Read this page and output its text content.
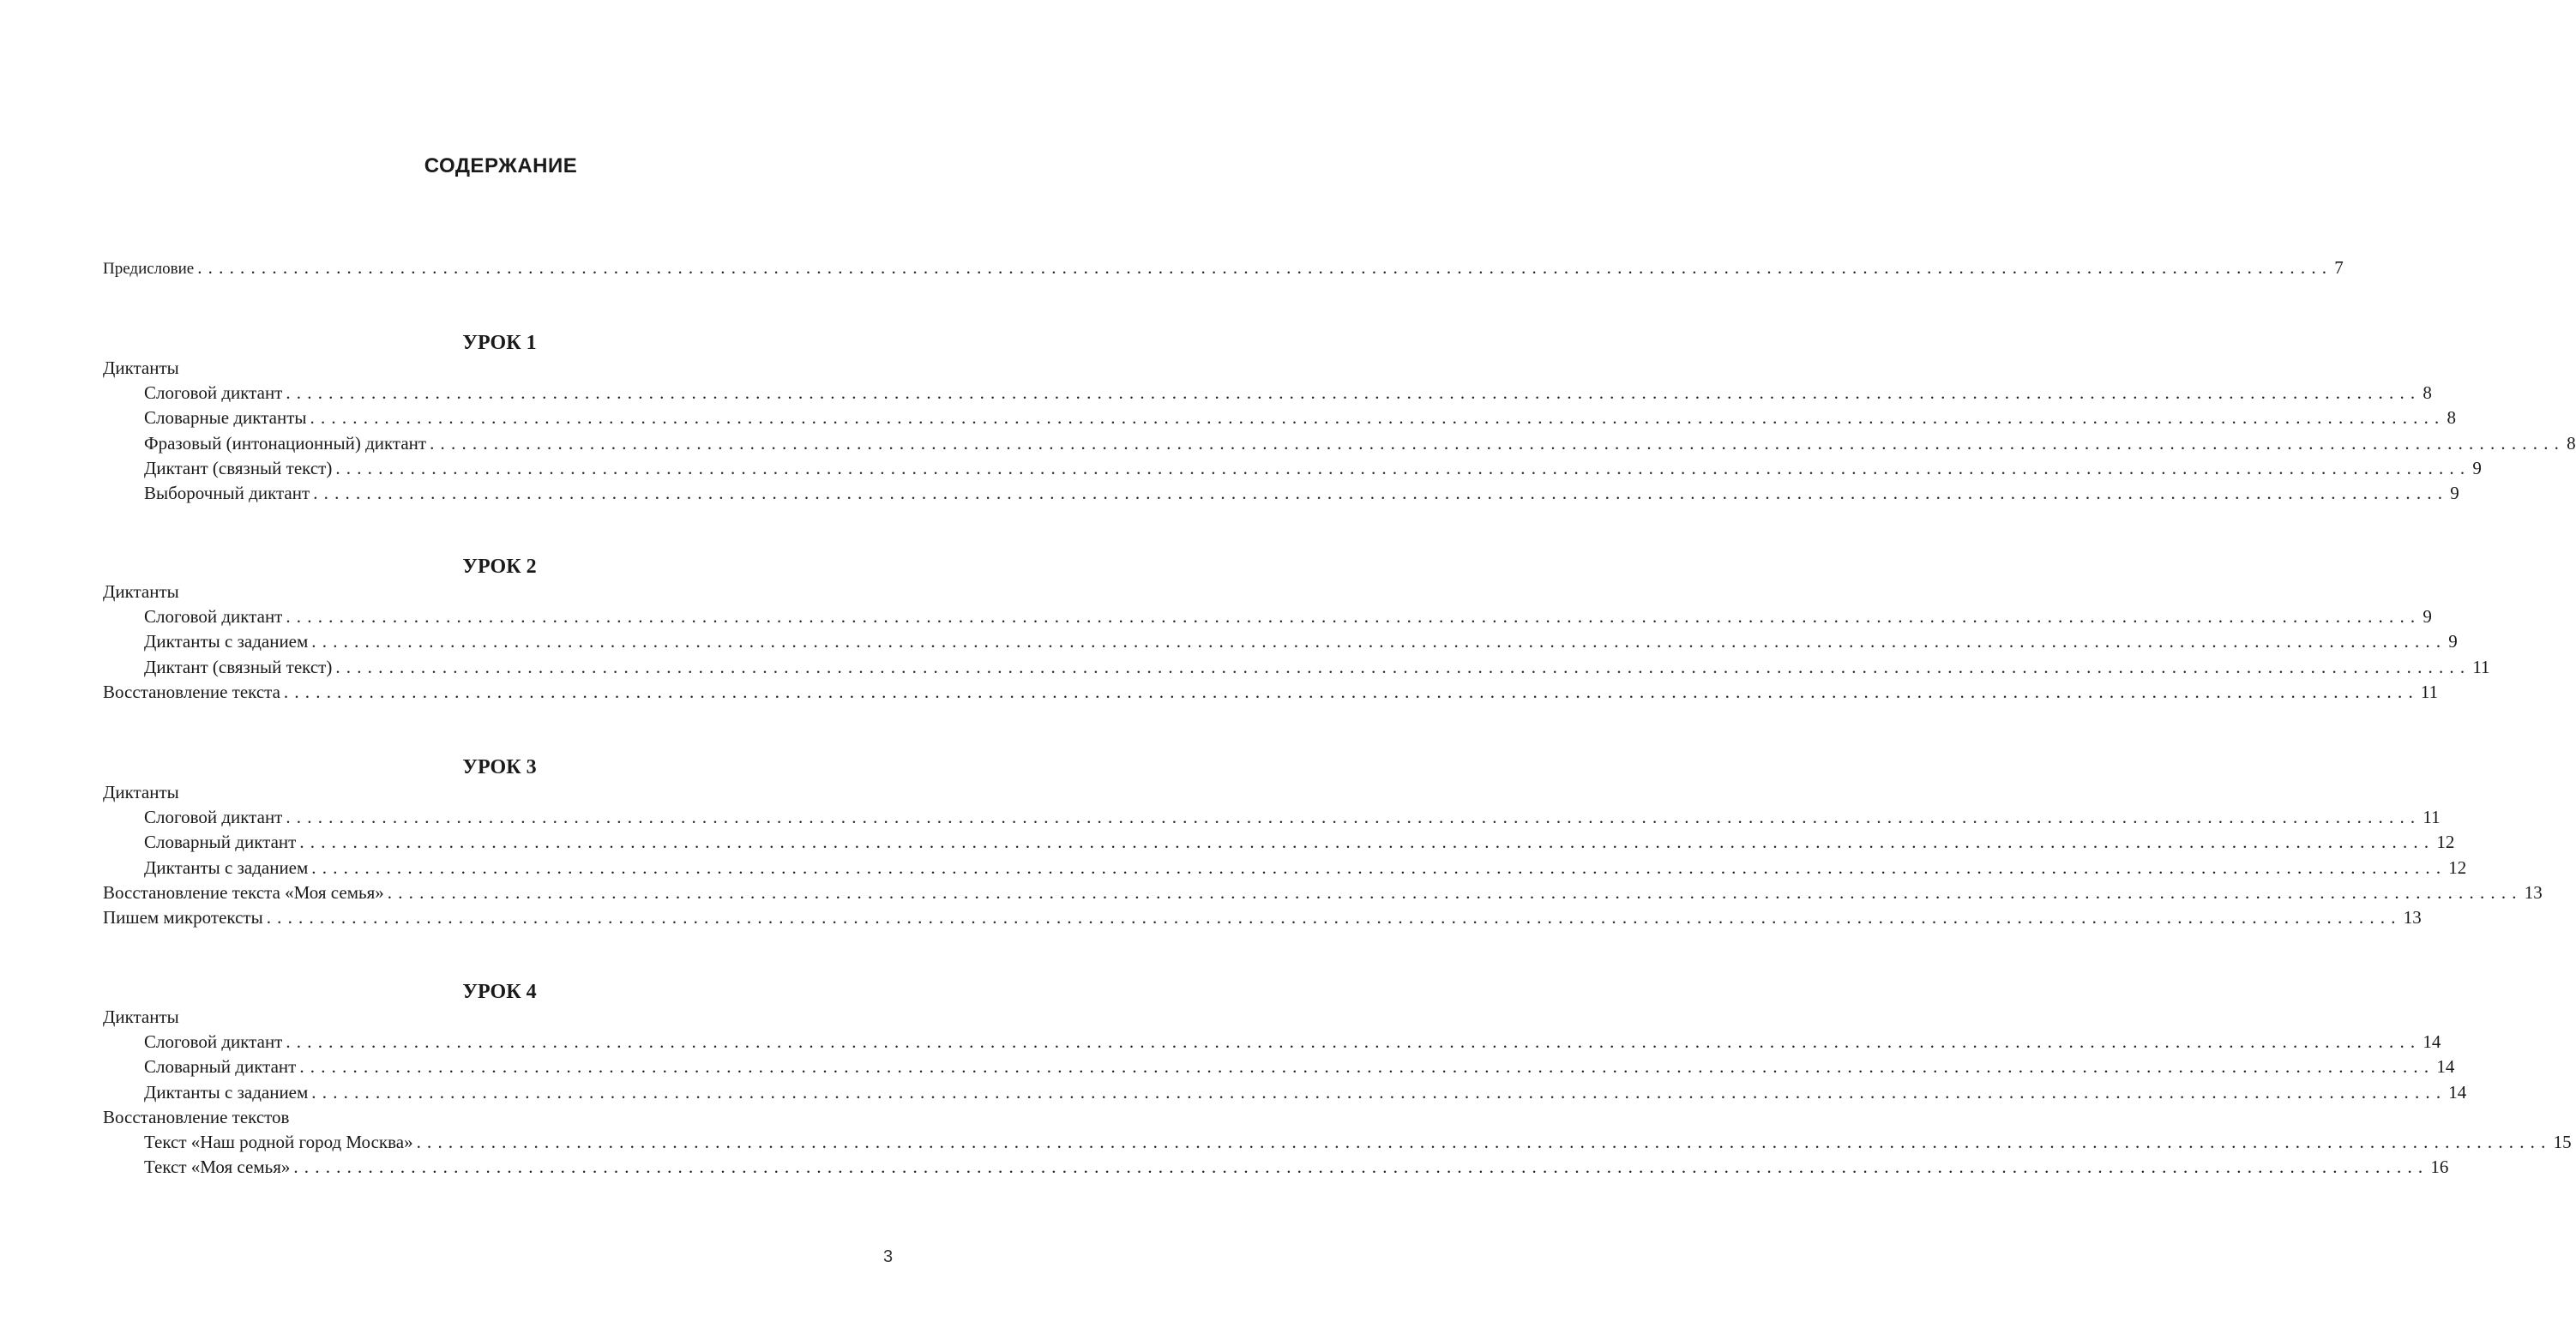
СОДЕРЖАНИЕ
Предисловие ........................................................................................................................................................................................................ 7
УРОК 1
Диктанты
Слоговой диктант ........................................................................................................................................................................................................ 8
Словарные диктанты ........................................................................................................................................................................................................ 8
Фразовый (интонационный) диктант ........................................................................................................................................................................................................ 8
Диктант (связный текст) ........................................................................................................................................................................................................ 9
Выборочный диктант ........................................................................................................................................................................................................ 9
УРОК 2
Диктанты
Слоговой диктант ........................................................................................................................................................................................................ 9
Диктанты с заданием ........................................................................................................................................................................................................ 9
Диктант (связный текст) ........................................................................................................................................................................................................ 11
Восстановление текста ........................................................................................................................................................................................................ 11
УРОК 3
Диктанты
Слоговой диктант ........................................................................................................................................................................................................ 11
Словарный диктант ........................................................................................................................................................................................................ 12
Диктанты с заданием ........................................................................................................................................................................................................ 12
Восстановление текста «Моя семья» ........................................................................................................................................................................................................ 13
Пишем микротексты ........................................................................................................................................................................................................ 13
УРОК 4
Диктанты
Слоговой диктант ........................................................................................................................................................................................................ 14
Словарный диктант ........................................................................................................................................................................................................ 14
Диктанты с заданием ........................................................................................................................................................................................................ 14
Восстановление текстов
Текст «Наш родной город Москва» ........................................................................................................................................................................................................ 15
Текст «Моя семья» ........................................................................................................................................................................................................ 16
3
